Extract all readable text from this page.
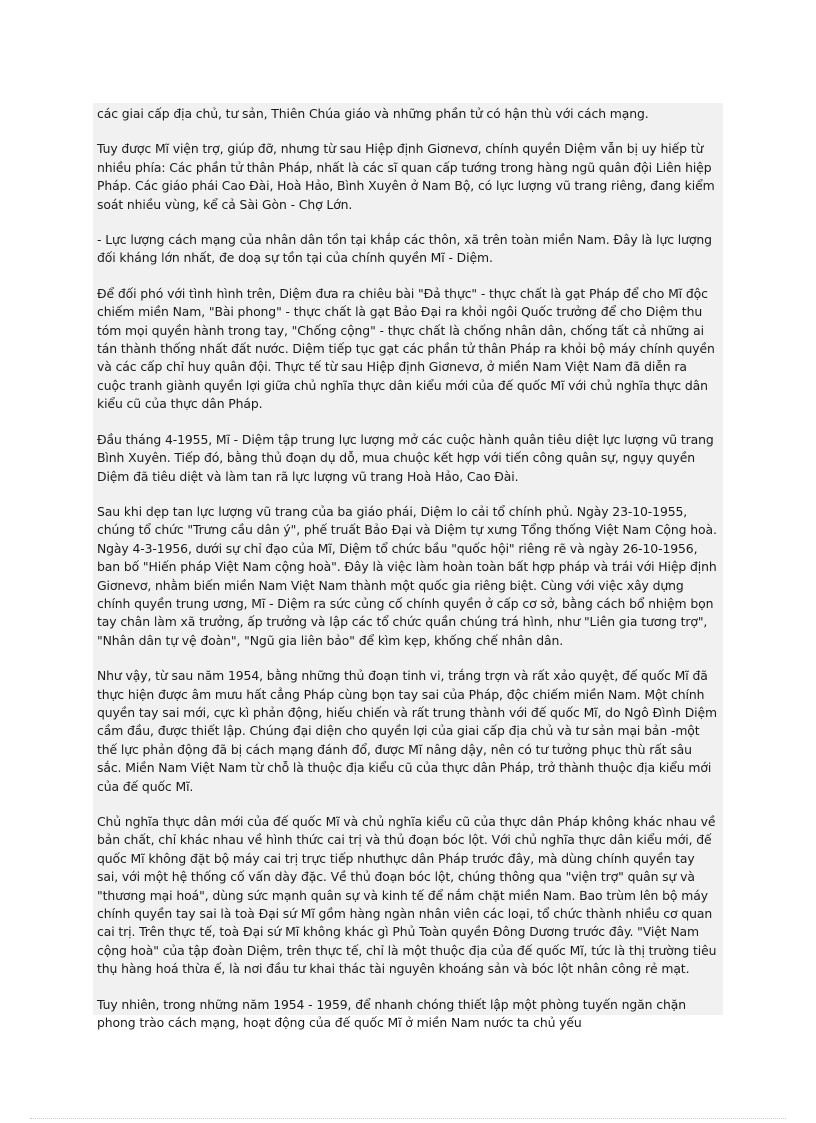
các giai cấp địa chủ, tư sản, Thiên Chúa giáo và những phần tử có hận thù với cách mạng.

Tuy được Mĩ viện trợ, giúp đỡ, nhưng từ sau Hiệp định Giơnevơ, chính quyền Diệm vẫn bị uy hiếp từ nhiều phía: Các phần tử thân Pháp, nhất là các sĩ quan cấp tướng trong hàng ngũ quân đội Liên hiệp Pháp. Các giáo phái Cao Đài, Hoà Hảo, Bình Xuyên ở Nam Bộ, có lực lượng vũ trang riêng, đang kiểm soát nhiều vùng, kể cả Sài Gòn - Chợ Lớn.

- Lực lượng cách mạng của nhân dân tồn tại khắp các thôn, xã trên toàn miền Nam. Đây là lực lượng đối kháng lớn nhất, đe doạ sự tồn tại của chính quyền Mĩ - Diệm.

Để đối phó với tình hình trên, Diệm đưa ra chiêu bài "Đả thực" - thực chất là gạt Pháp để cho Mĩ độc chiếm miền Nam, "Bài phong" - thực chất là gạt Bảo Đại ra khỏi ngôi Quốc trưởng để cho Diệm thu tóm mọi quyền hành trong tay, "Chống cộng" - thực chất là chống nhân dân, chống tất cả những ai tán thành thống nhất đất nước. Diệm tiếp tục gạt các phần tử thân Pháp ra khỏi bộ máy chính quyền và các cấp chỉ huy quân đội. Thực tế từ sau Hiệp định Giơnevơ, ở miền Nam Việt Nam đã diễn ra cuộc tranh giành quyền lợi giữa chủ nghĩa thực dân kiểu mới của đế quốc Mĩ với chủ nghĩa thực dân kiểu cũ của thực dân Pháp.

Đầu tháng 4-1955, Mĩ - Diệm tập trung lực lượng mở các cuộc hành quân tiêu diệt lực lượng vũ trang Bình Xuyên. Tiếp đó, bằng thủ đoạn dụ dỗ, mua chuộc kết hợp với tiến công quân sự, ngụy quyền Diệm đã tiêu diệt và làm tan rã lực lượng vũ trang Hoà Hảo, Cao Đài.

Sau khi dẹp tan lực lượng vũ trang của ba giáo phái, Diệm lo cải tổ chính phủ. Ngày 23-10-1955, chúng tổ chức "Trưng cầu dân ý", phế truất Bảo Đại và Diệm tự xưng Tổng thống Việt Nam Cộng hoà. Ngày 4-3-1956, dưới sự chỉ đạo của Mĩ, Diệm tổ chức bầu "quốc hội" riêng rẽ và ngày 26-10-1956, ban bố "Hiến pháp Việt Nam cộng hoà". Đây là việc làm hoàn toàn bất hợp pháp và trái với Hiệp định Giơnevơ, nhằm biến miền Nam Việt Nam thành một quốc gia riêng biệt. Cùng với việc xây dựng chính quyền trung ương, Mĩ - Diệm ra sức củng cố chính quyền ở cấp cơ sở, bằng cách bổ nhiệm bọn tay chân làm xã trưởng, ấp trưởng và lập các tổ chức quần chúng trá hình, như "Liên gia tương trợ", "Nhân dân tự vệ đoàn", "Ngũ gia liên bảo" để kìm kẹp, khống chế nhân dân.

Như vậy, từ sau năm 1954, bằng những thủ đoạn tinh vi, trắng trợn và rất xảo quyệt, đế quốc Mĩ đã thực hiện được âm mưu hất cẳng Pháp cùng bọn tay sai của Pháp, độc chiếm miền Nam. Một chính quyền tay sai mới, cực kì phản động, hiếu chiến và rất trung thành với đế quốc Mĩ, do Ngô Đình Diệm cầm đầu, được thiết lập. Chúng đại diện cho quyền lợi của giai cấp địa chủ và tư sản mại bản -một thế lực phản động đã bị cách mạng đánh đổ, được Mĩ nâng dậy, nên có tư tưởng phục thù rất sâu sắc. Miền Nam Việt Nam từ chỗ là thuộc địa kiểu cũ của thực dân Pháp, trở thành thuộc địa kiểu mới của đế quốc Mĩ.

Chủ nghĩa thực dân mới của đế quốc Mĩ và chủ nghĩa kiểu cũ của thực dân Pháp không khác nhau về bản chất, chỉ khác nhau về hình thức cai trị và thủ đoạn bóc lột. Với chủ nghĩa thực dân kiểu mới, đế quốc Mĩ không đặt bộ máy cai trị trực tiếp nhưthực dân Pháp trước đây, mà dùng chính quyền tay sai, với một hệ thống cố vấn dày đặc. Về thủ đoạn bóc lột, chúng thông qua "viện trợ" quân sự và "thương mại hoá", dùng sức mạnh quân sự và kinh tế để nắm chặt miền Nam. Bao trùm lên bộ máy chính quyền tay sai là toà Đại sứ Mĩ gồm hàng ngàn nhân viên các loại, tổ chức thành nhiều cơ quan cai trị. Trên thực tế, toà Đại sứ Mĩ không khác gì Phủ Toàn quyền Đông Dương trước đây. "Việt Nam cộng hoà" của tập đoàn Diệm, trên thực tế, chỉ là một thuộc địa của đế quốc Mĩ, tức là thị trường tiêu thụ hàng hoá thừa ế, là nơi đầu tư khai thác tài nguyên khoáng sản và bóc lột nhân công rẻ mạt.

Tuy nhiên, trong những năm 1954 - 1959, để nhanh chóng thiết lập một phòng tuyến ngăn chặn phong trào cách mạng, hoạt động của đế quốc Mĩ ở miền Nam nước ta chủ yếu
